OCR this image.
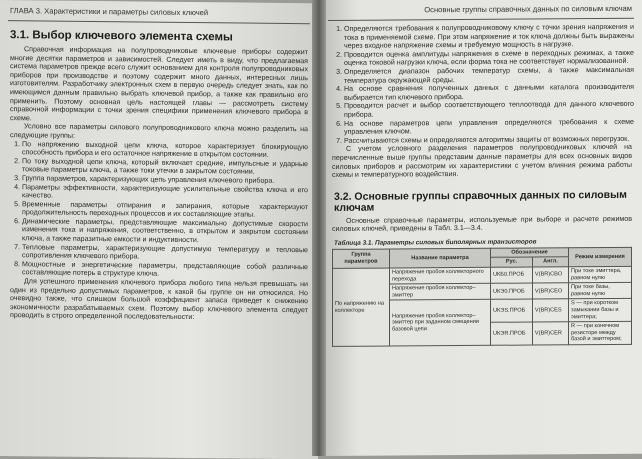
ГЛАВА 3. Характеристики и параметры силовых ключей
3.1. Выбор ключевого элемента схемы
Справочная информация на полупроводниковые ключевые приборы содержит многие десятки параметров и зависимостей. Следует иметь в виду, что предлагаемая система параметров прежде всего служит основанием для контроля полупроводниковых приборов при производстве и поэтому содержит много данных, интересных лишь изготовителям. Разработчику электронных схем в первую очередь следует знать, как по имеющимся данным правильно выбрать ключевой прибор, а также как правильно его применить. Поэтому основная цель настоящей главы — рассмотреть систему справочной информации с точки зрения специфики применения ключевого прибора в схеме.
Условно все параметры силового полупроводникового ключа можно разделить на следующие группы:
1. По напряжению выходной цепи ключа, которое характеризует блокирующую способность прибора и его остаточное напряжение в открытом состоянии.
2. По току выходной цепи ключа, который включает средние, импульсные и ударные токовые параметры ключа, а также токи утечки в закрытом состоянии.
3. Группа параметров, характеризующих цепь управления ключевого прибора.
4. Параметры эффективности, характеризующие усилительные свойства ключа и его качество.
5. Временные параметры отпирания и запирания, которые характеризуют продолжительность переходных процессов и их составляющие этапы.
6. Динамические параметры, представляющие максимально допустимые скорости изменения тока и напряжения, соответственно, в открытом и закрытом состоянии ключа, а также паразитные емкости и индуктивности.
7. Тепловые параметры, характеризующие допустимую температуру и тепловые сопротивления ключевого прибора.
8. Мощностные и энергетические параметры, представляющие собой различные составляющие потерь в структуре ключа.
Для успешного применения ключевого прибора любого типа нельзя превышать ни один из предельно допустимых параметров, к какой бы группе он ни относился. Но очевидно также, что слишком большой коэффициент запаса приведет к снижению экономичности разрабатываемых схем. Поэтому выбор ключевого элемента следует проводить в строго определенной последовательности:
Основные группы справочных данных по силовым ключам
1. Определяются требования к полупроводниковому ключу с точки зрения напряжения и тока в применяемой схеме. При этом напряжение и ток ключа должны быть выражены через входное напряжение схемы и требуемую мощность в нагрузке.
2. Проводится оценка амплитуды напряжения в схеме в переходных режимах, а также оценка токовой нагрузки ключа, если форма тока не соответствует нормализованной.
3. Определяется диапазон рабочих температур схемы, а также максимальная температура окружающей среды.
4. На основе сравнения полученных данных с данными каталога производителя выбирается тип ключевого прибора.
5. Проводится расчет и выбор соответствующего теплоотвода для данного ключевого прибора.
6. На основе параметров цепи управления определяются требования к схеме управления ключом.
7. Рассчитываются схемы и определяются алгоритмы защиты от возможных перегрузок.
С учетом условного разделения параметров полупроводниковых ключей на перечисленные выше группы представим данные параметры для всех основных видов силовых приборов и рассмотрим их характеристики с учетом влияния режима работы схемы и температурного воздействия.
3.2. Основные группы справочных данных по силовым ключам
Основные справочные параметры, используемые при выборе и расчете режимов силовых ключей, приведены в Табл. 3.1—3.4.
Таблица 3.1. Параметры силовых биполярных транзисторов
Группа параметров	Название параметра	Обозначение		Режим измерения
		Рус.	Англ.	
По напряжению на коллекторе	Напряжение пробоя коллекторного перехода	UКБ0.ПРОБ	V(BR)CBO	При токе эмиттера, равном нулю
	Напряжение пробоя коллектор–эмиттер	UКЭ0.ПРОБ	V(BR)CEO	При токе базы, равном нулю
	Напряжение пробоя коллектор–эмиттер при заданном смещении базовой цепи	UКЭS.ПРОБ	V(BR)CES	S — при коротком замыкании базы и эмиттера;
		UКЭR.ПРОБ	V(BR)CER	R — при конечном резисторе между базой и эмиттером;
